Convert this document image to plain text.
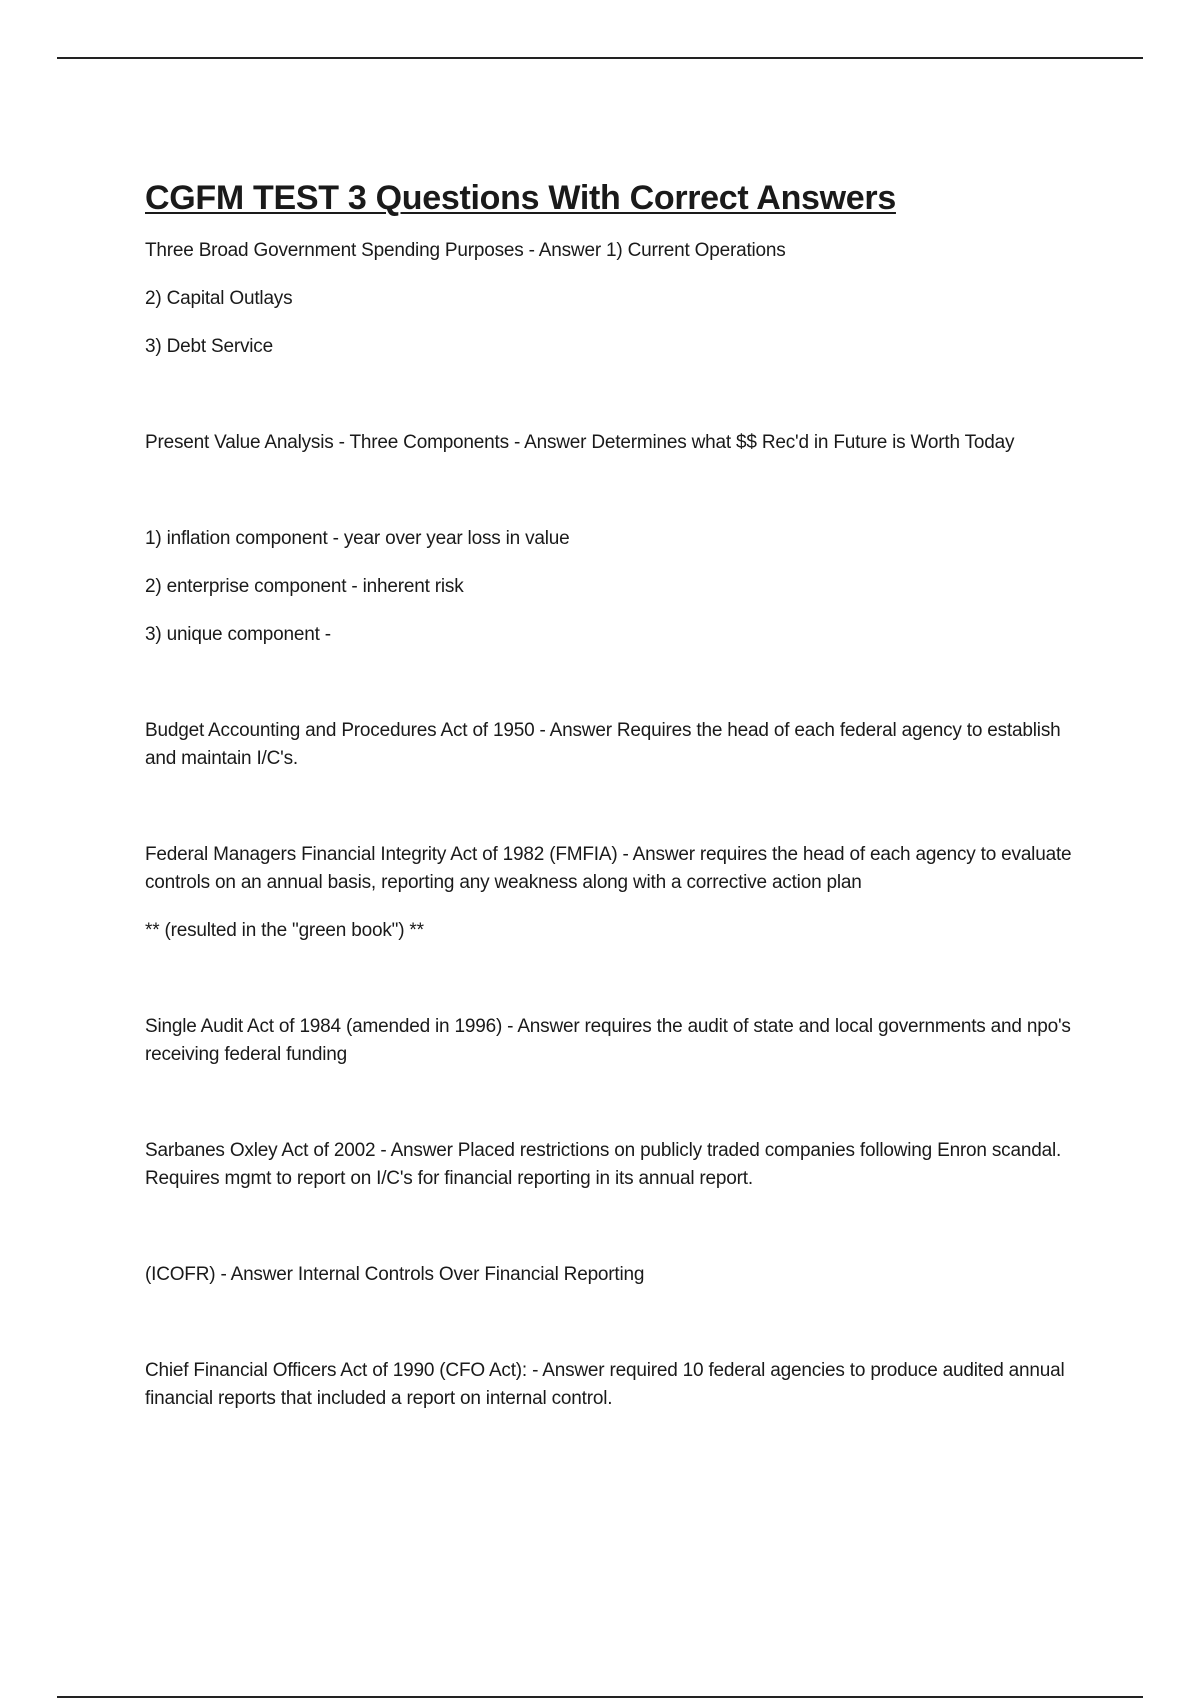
CGFM TEST 3 Questions With Correct Answers

Three Broad Government Spending Purposes - Answer 1) Current Operations

2) Capital Outlays

3) Debt Service

Present Value Analysis - Three Components - Answer Determines what $$ Rec'd in Future is Worth Today

1) inflation component - year over year loss in value

2) enterprise component - inherent risk

3) unique component -

Budget Accounting and Procedures Act of 1950 - Answer Requires the head of each federal agency to establish and maintain I/C's.

Federal Managers Financial Integrity Act of 1982 (FMFIA) - Answer requires the head of each agency to evaluate controls on an annual basis, reporting any weakness along with a corrective action plan

** (resulted in the "green book") **

Single Audit Act of 1984 (amended in 1996) - Answer requires the audit of state and local governments and npo's receiving federal funding

Sarbanes Oxley Act of 2002 - Answer Placed restrictions on publicly traded companies following Enron scandal. Requires mgmt to report on I/C's for financial reporting in its annual report.

(ICOFR) - Answer Internal Controls Over Financial Reporting

Chief Financial Officers Act of 1990 (CFO Act): - Answer required 10 federal agencies to produce audited annual financial reports that included a report on internal control.
